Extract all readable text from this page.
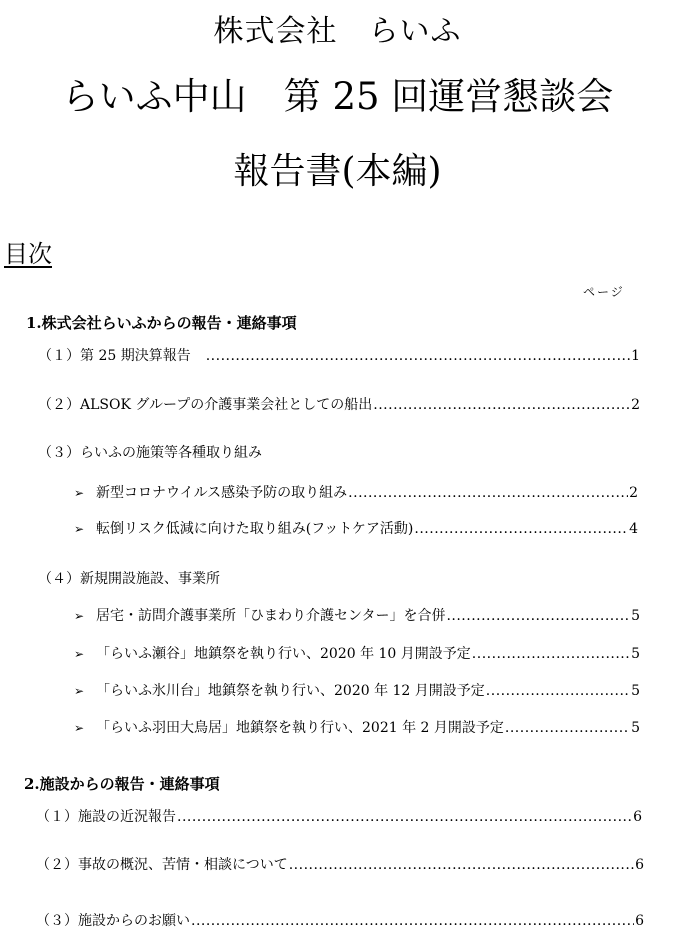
株式会社　らいふ
らいふ中山　第 25 回運営懇談会
報告書(本編)
目次
ページ
1.株式会社らいふからの報告・連絡事項
（１）第 25 期決算報告　 .....	1
（２）ALSOK グループの介護事業会社としての船出 .....	2
（３）らいふの施策等各種取り組み
➢ 新型コロナウイルス感染予防の取り組み .....	2
➢ 転倒リスク低減に向けた取り組み(フットケア活動) .....	4
（４）新規開設施設、事業所
➢ 居宅・訪問介護事業所「ひまわり介護センター」を合併 .....	5
➢ 「らいふ瀬谷」地鎮祭を執り行い、2020 年 10 月開設予定 .....	5
➢ 「らいふ氷川台」地鎮祭を執り行い、2020 年 12 月開設予定 .....	5
➢ 「らいふ羽田大鳥居」地鎮祭を執り行い、2021 年 2 月開設予定 .....	5
2.施設からの報告・連絡事項
（１）施設の近況報告 .....	6
（２）事故の概況、苦情・相談について .....	6
（３）施設からのお願い .....	6
